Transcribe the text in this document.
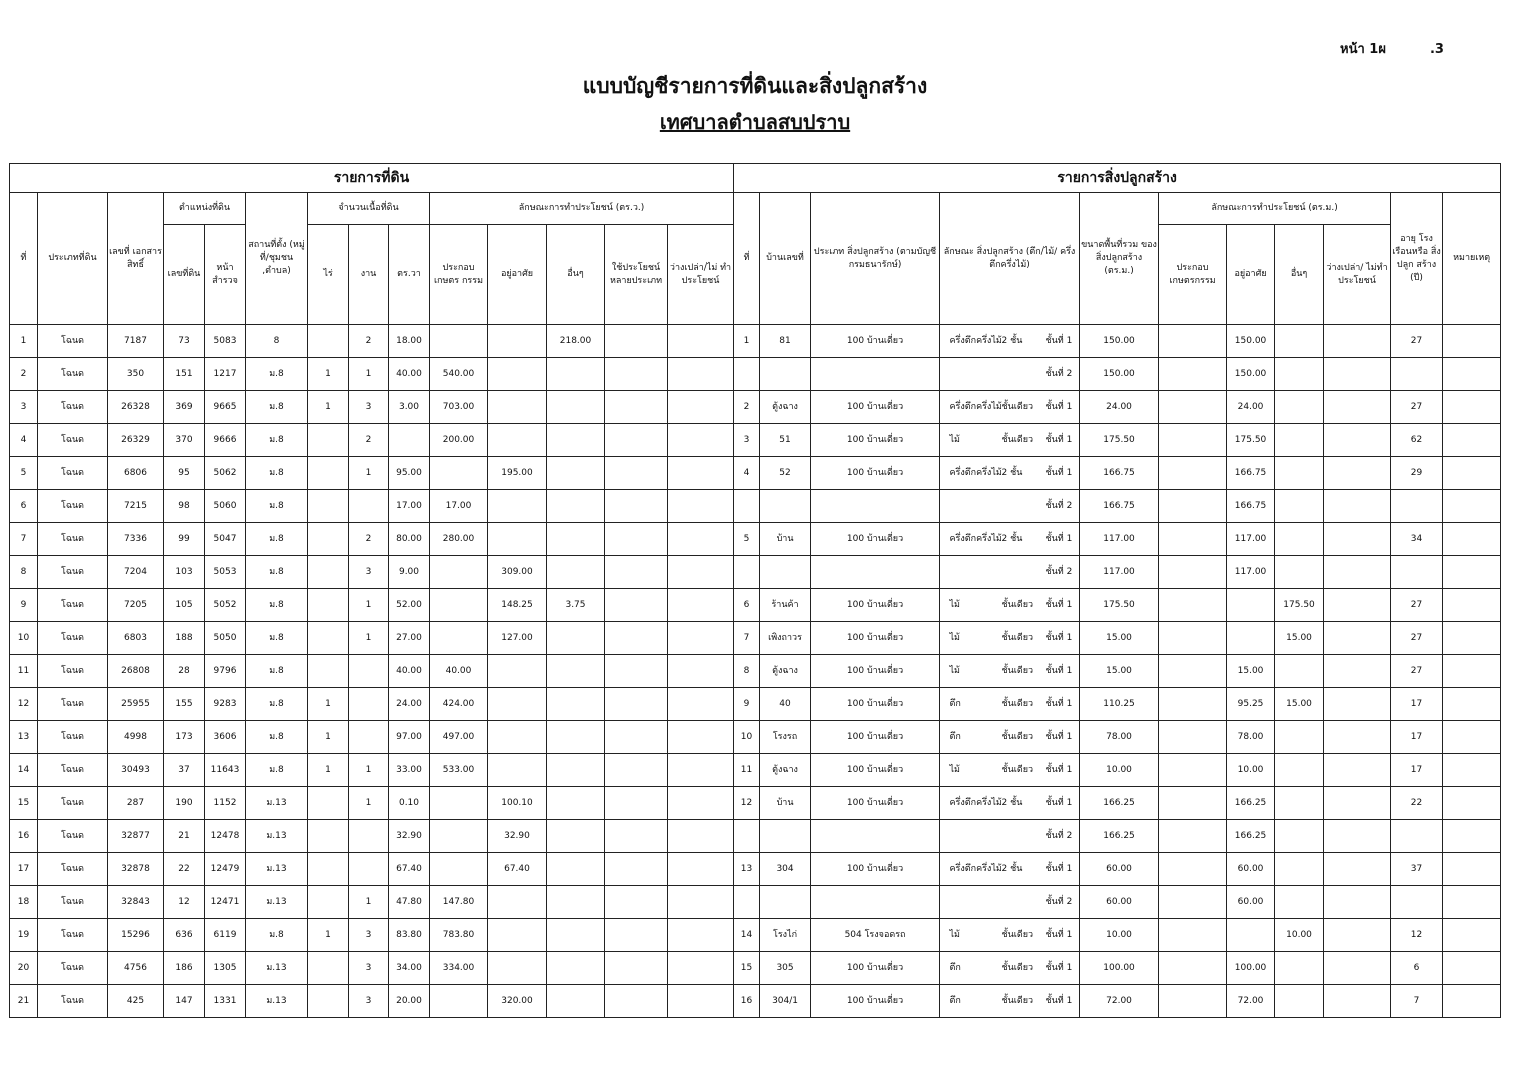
หน้า 1ผ	.3
แบบบัญชีรายการที่ดินและสิ่งปลูกสร้าง
เทศบาลตำบลสบปราบ
รายการที่ดิน														รายการสิ่งปลูกสร้าง										
ที่	ประเภทที่ดิน	เลขที่ เอกสารสิทธิ์	ตำแหน่งที่ดิน		สถานที่ตั้ง (หมู่ที่/ชุมชน ,ตำบล)	จำนวนเนื้อที่ดิน			ลักษณะการทำประโยชน์ (ตร.ว.)					ที่	บ้านเลขที่	ประเภท สิ่งปลูกสร้าง (ตามบัญชีกรมธนารักษ์)	ลักษณะ สิ่งปลูกสร้าง (ตึก/ไม้/ ครึ่งตึกครึ่งไม้)	ขนาดพื้นที่รวม ของสิ่งปลูกสร้าง (ตร.ม.)	ลักษณะการทำประโยชน์ (ตร.ม.)				อายุ โรงเรือนหรือ สิ่งปลูก สร้าง (ปี)	หมายเหตุ
			เลขที่ดิน	หน้า สำรวจ		ไร่	งาน	ตร.วา	ประกอบ เกษตร กรรม	อยู่อาศัย	อื่นๆ	ใช้ประโยชน์ หลายประเภท	ว่างเปล่า/ไม่ ทำประโยชน์						ประกอบ เกษตรกรรม	อยู่อาศัย	อื่นๆ	ว่างเปล่า/ ไม่ทำประโยชน์		
1	โฉนด	7187	73	5083	8		2	18.00			218.00			1	81	100 บ้านเดี่ยว	ครึ่งตึกครึ่งไม้2 ชั้น ชั้นที่ 1	150.00		150.00			27	
2	โฉนด	350	151	1217	ม.8	1	1	40.00	540.00								ชั้นที่ 2	150.00		150.00				
3	โฉนด	26328	369	9665	ม.8	1	3	3.00	703.00					2	ตู้งฉาง	100 บ้านเดี่ยว	ครึ่งตึกครึ่งไม้ชั้นเดียว ชั้นที่ 1	24.00		24.00			27	
4	โฉนด	26329	370	9666	ม.8		2		200.00					3	51	100 บ้านเดี่ยว	ไม้ ชั้นเดียว ชั้นที่ 1	175.50		175.50			62	
5	โฉนด	6806	95	5062	ม.8		1	95.00		195.00				4	52	100 บ้านเดี่ยว	ครึ่งตึกครึ่งไม้2 ชั้น ชั้นที่ 1	166.75		166.75			29	
6	โฉนด	7215	98	5060	ม.8			17.00	17.00								ชั้นที่ 2	166.75		166.75				
7	โฉนด	7336	99	5047	ม.8		2	80.00	280.00					5	บ้าน	100 บ้านเดี่ยว	ครึ่งตึกครึ่งไม้2 ชั้น ชั้นที่ 1	117.00		117.00			34	
8	โฉนด	7204	103	5053	ม.8		3	9.00		309.00							ชั้นที่ 2	117.00		117.00				
9	โฉนด	7205	105	5052	ม.8		1	52.00		148.25	3.75			6	ร้านค้า	100 บ้านเดี่ยว	ไม้ ชั้นเดียว ชั้นที่ 1	175.50			175.50		27	
10	โฉนด	6803	188	5050	ม.8		1	27.00		127.00				7	เพิงถาวร	100 บ้านเดี่ยว	ไม้ ชั้นเดียว ชั้นที่ 1	15.00			15.00		27	
11	โฉนด	26808	28	9796	ม.8			40.00	40.00					8	ตู้งฉาง	100 บ้านเดี่ยว	ไม้ ชั้นเดียว ชั้นที่ 1	15.00		15.00			27	
12	โฉนด	25955	155	9283	ม.8	1		24.00	424.00					9	40	100 บ้านเดี่ยว	ตึก ชั้นเดียว ชั้นที่ 1	110.25		95.25	15.00		17	
13	โฉนด	4998	173	3606	ม.8	1		97.00	497.00					10	โรงรถ	100 บ้านเดี่ยว	ตึก ชั้นเดียว ชั้นที่ 1	78.00		78.00			17	
14	โฉนด	30493	37	11643	ม.8	1	1	33.00	533.00					11	ตู้งฉาง	100 บ้านเดี่ยว	ไม้ ชั้นเดียว ชั้นที่ 1	10.00		10.00			17	
15	โฉนด	287	190	1152	ม.13		1	0.10		100.10				12	บ้าน	100 บ้านเดี่ยว	ครึ่งตึกครึ่งไม้2 ชั้น ชั้นที่ 1	166.25		166.25			22	
16	โฉนด	32877	21	12478	ม.13			32.90		32.90							ชั้นที่ 2	166.25		166.25				
17	โฉนด	32878	22	12479	ม.13			67.40		67.40				13	304	100 บ้านเดี่ยว	ครึ่งตึกครึ่งไม้2 ชั้น ชั้นที่ 1	60.00		60.00			37	
18	โฉนด	32843	12	12471	ม.13		1	47.80	147.80								ชั้นที่ 2	60.00		60.00				
19	โฉนด	15296	636	6119	ม.8	1	3	83.80	783.80					14	โรงไก่	504 โรงจอดรถ	ไม้ ชั้นเดียว ชั้นที่ 1	10.00			10.00		12	
20	โฉนด	4756	186	1305	ม.13		3	34.00	334.00					15	305	100 บ้านเดี่ยว	ตึก ชั้นเดียว ชั้นที่ 1	100.00		100.00			6	
21	โฉนด	425	147	1331	ม.13		3	20.00		320.00				16	304/1	100 บ้านเดี่ยว	ตึก ชั้นเดียว ชั้นที่ 1	72.00		72.00			7	
